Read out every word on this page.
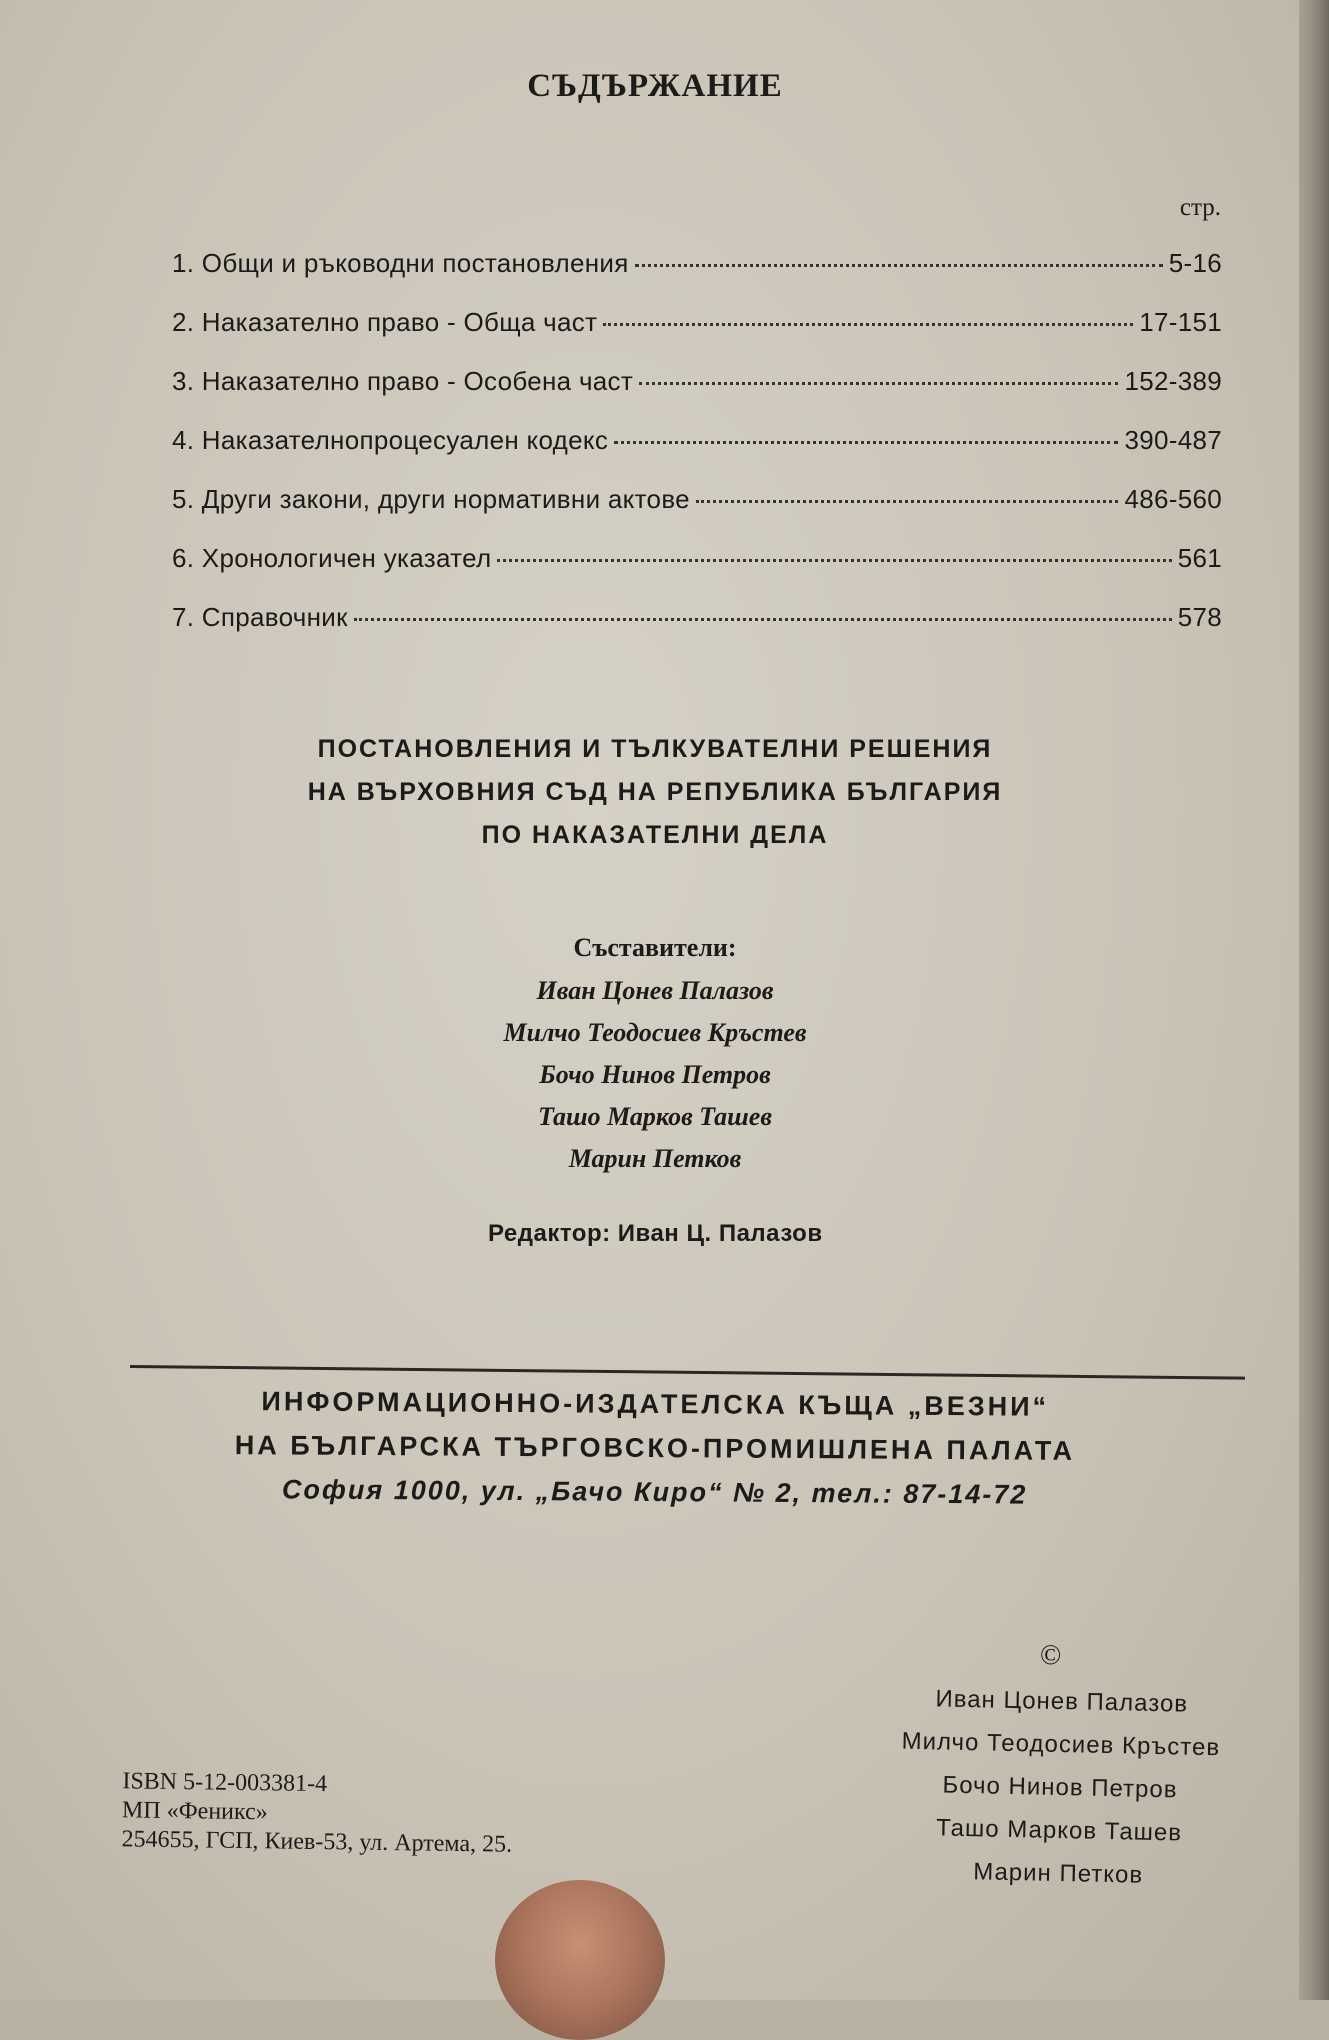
СЪДЪРЖАНИЕ
стр.
1. Общи и ръководни постановления	5-16
2. Наказателно право - Обща част	17-151
3. Наказателно право - Особена част	152-389
4. Наказателнопроцесуален кодекс	390-487
5. Други закони, други нормативни актове	486-560
6. Хронологичен указател	561
7. Справочник	578
ПОСТАНОВЛЕНИЯ И ТЪЛКУВАТЕЛНИ РЕШЕНИЯ
НА ВЪРХОВНИЯ СЪД НА РЕПУБЛИКА БЪЛГАРИЯ
ПО НАКАЗАТЕЛНИ ДЕЛА
Съставители:
Иван Цонев Палазов
Милчо Теодосиев Кръстев
Бочо Нинов Петров
Ташо Марков Ташев
Марин Петков
Редактор: Иван Ц. Палазов
ИНФОРМАЦИОННО-ИЗДАТЕЛСКА КЪЩА „ВЕЗНИ“
НА БЪЛГАРСКА ТЪРГОВСКО-ПРОМИШЛЕНА ПАЛАТА
София 1000, ул. „Бачо Киро“ № 2, тел.: 87-14-72
©
Иван Цонев Палазов
Милчо Теодосиев Кръстев
Бочо Нинов Петров
Ташо Марков Ташев
Марин Петков
ISBN 5-12-003381-4
МП «Феникс»
254655, ГСП, Киев-53, ул. Артема, 25.
